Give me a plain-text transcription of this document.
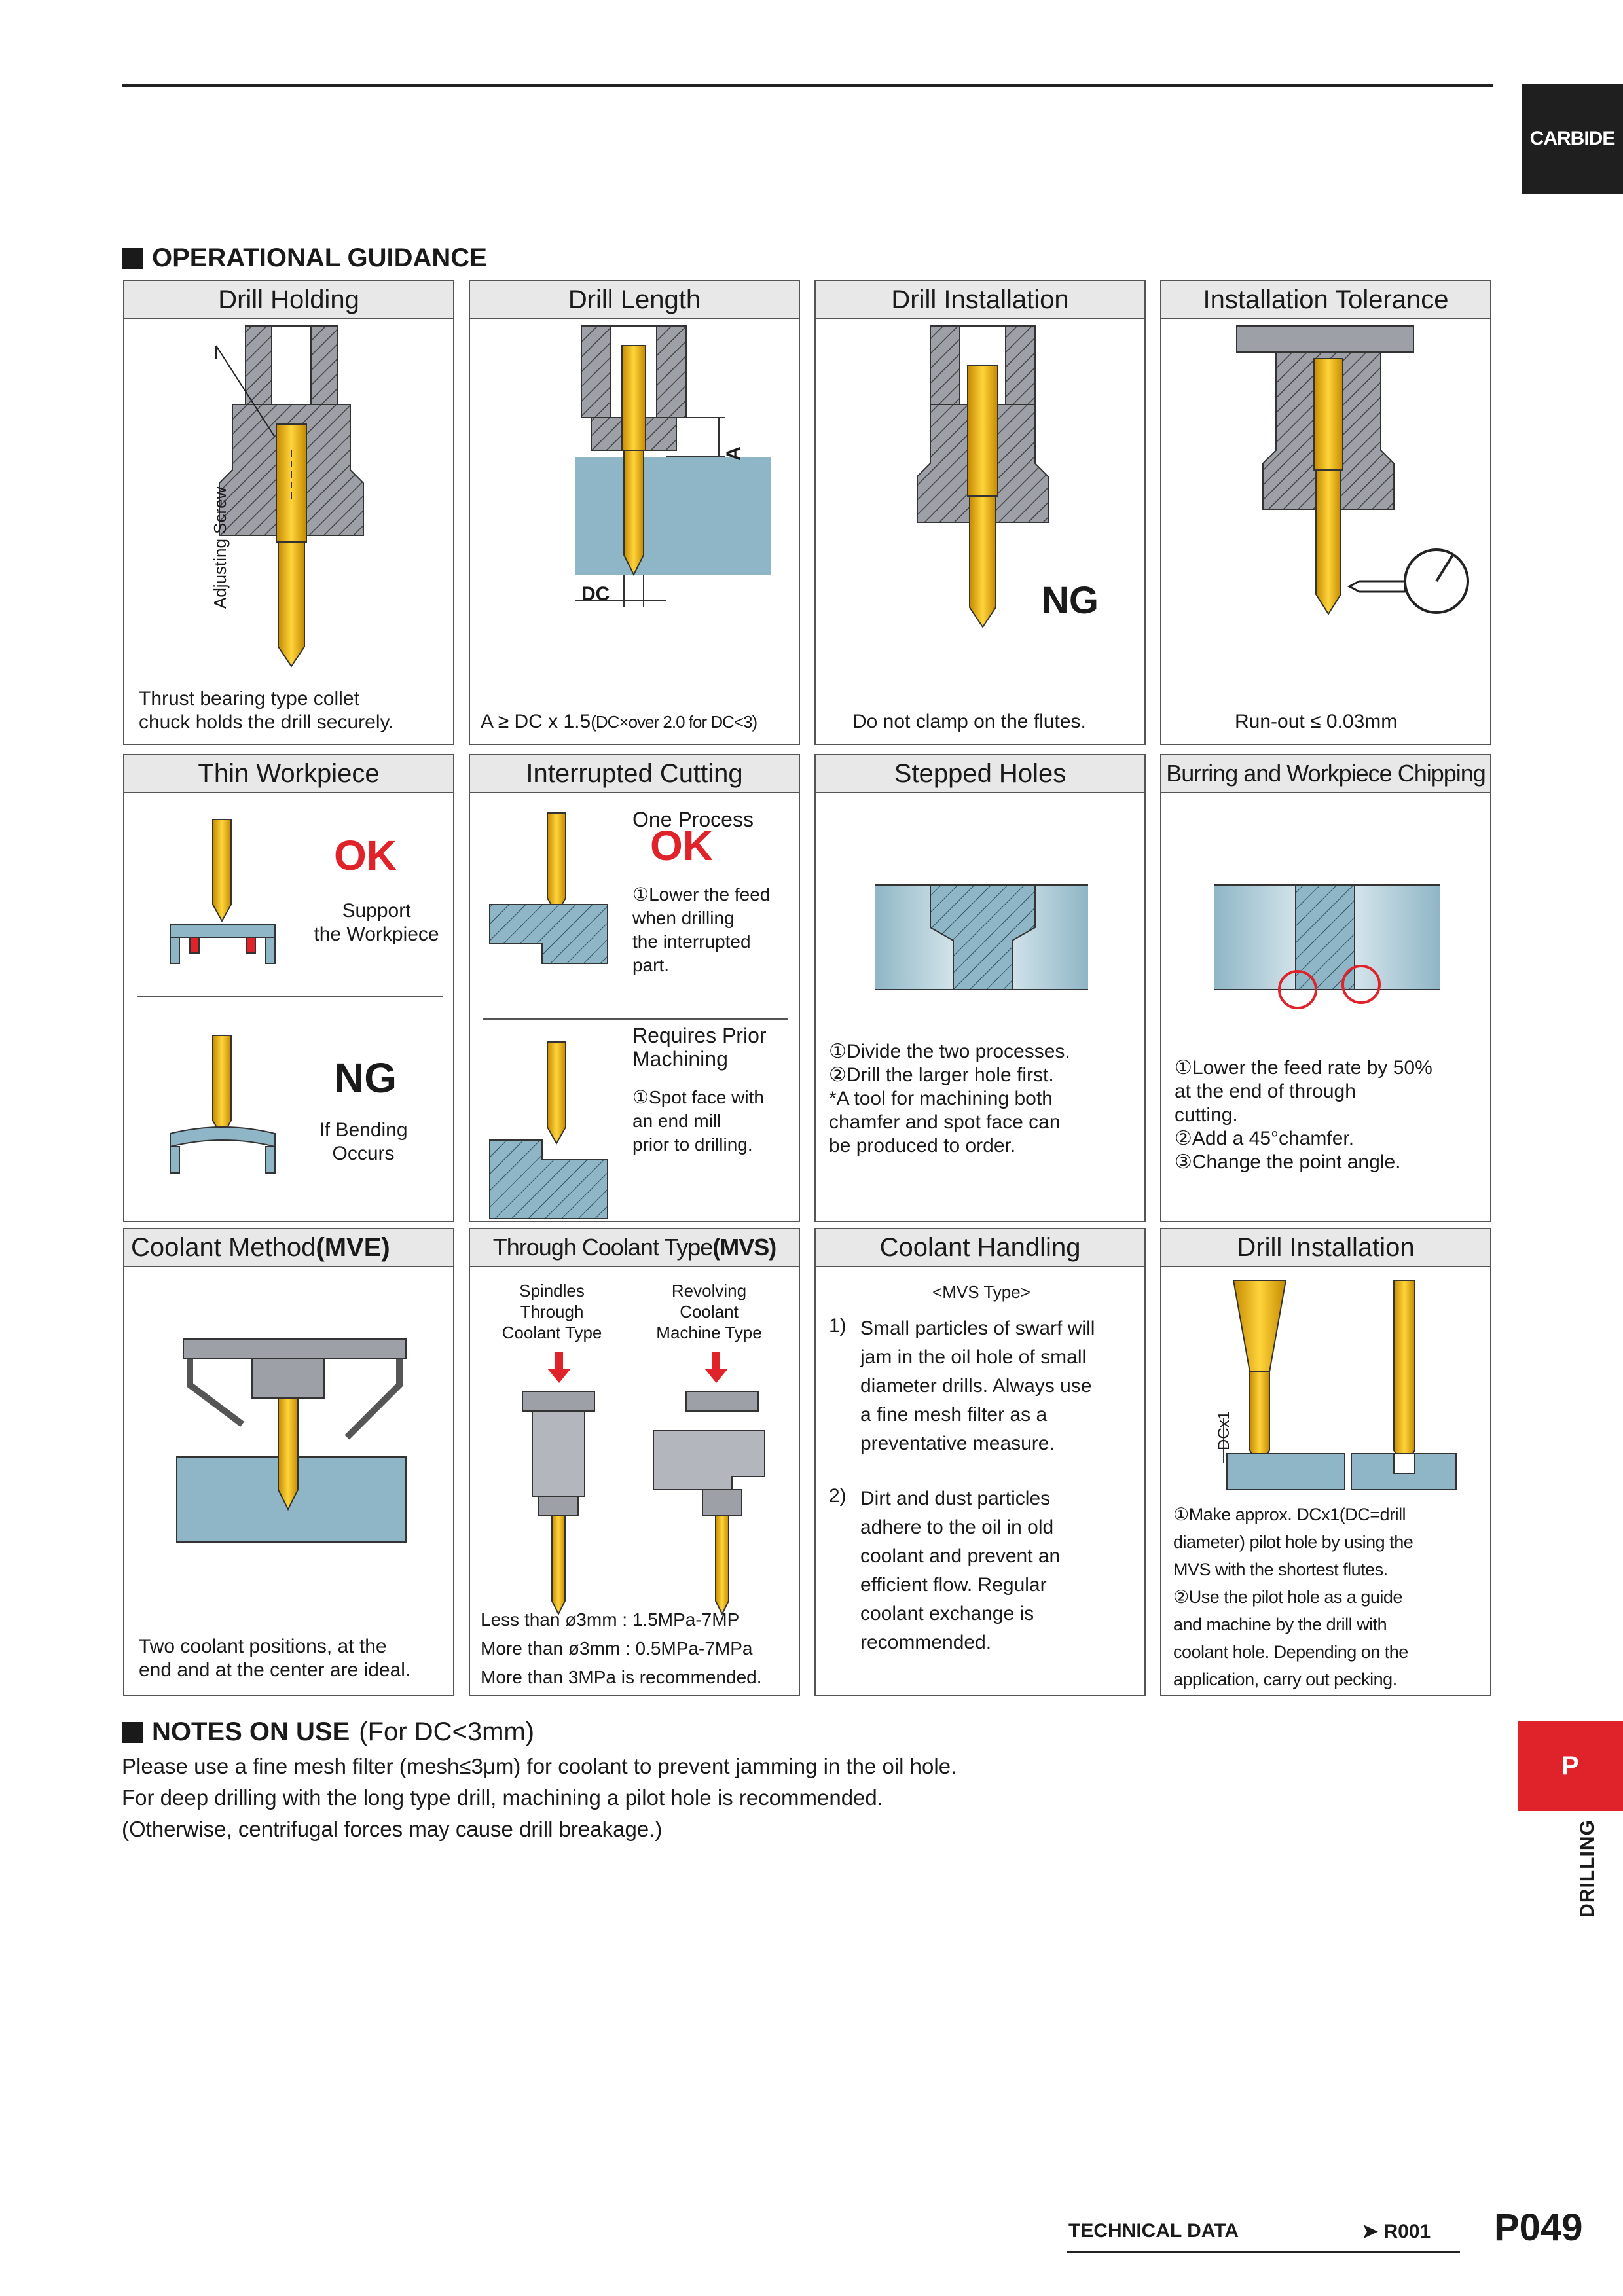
CARBIDE
OPERATIONAL GUIDANCE
Drill Holding
Adjusting Screw
Thrust bearing type collet
chuck holds the drill securely.
Drill Length
A
DC
A ≥ DC x 1.5(DC×over 2.0 for DC<3)
Drill Installation
NG
Do not clamp on the flutes.
Installation Tolerance
Run-out ≤ 0.03mm
Thin Workpiece
OK
Support
the Workpiece
NG
If Bending
Occurs
Interrupted Cutting
One Process
OK
①Lower the feed
when drilling
the interrupted
part.
Requires Prior
Machining
①Spot face with
an end mill
prior to drilling.
Stepped Holes
①Divide the two processes.
②Drill the larger hole first.
*A tool for machining both
chamfer and spot face can
be produced to order.
Burring and Workpiece Chipping
①Lower the feed rate by 50%
at the end of through
cutting.
②Add a 45°chamfer.
③Change the point angle.
Coolant Method (MVE)
Two coolant positions, at the
end and at the center are ideal.
Through Coolant Type (MVS)
Spindles
Through
Coolant Type
Revolving
Coolant
Machine Type
Less than ø3mm : 1.5MPa-7MP
More than ø3mm : 0.5MPa-7MPa
More than 3MPa is recommended.
Coolant Handling
<MVS Type>
1) Small particles of swarf will
jam in the oil hole of small
diameter drills. Always use
a fine mesh filter as a
preventative measure.
2) Dirt and dust particles
adhere to the oil in old
coolant and prevent an
efficient flow. Regular
coolant exchange is
recommended.
Drill Installation
DCx1
①Make approx. DCx1(DC=drill
diameter) pilot hole by using the
MVS with the shortest flutes.
②Use the pilot hole as a guide
and machine by the drill with
coolant hole. Depending on the
application, carry out pecking.
NOTES ON USE (For DC<3mm)
Please use a fine mesh filter (mesh≤3μm) for coolant to prevent jamming in the oil hole.
For deep drilling with the long type drill, machining a pilot hole is recommended.
(Otherwise, centrifugal forces may cause drill breakage.)
P
DRILLING
TECHNICAL DATA	➤ R001 P049
